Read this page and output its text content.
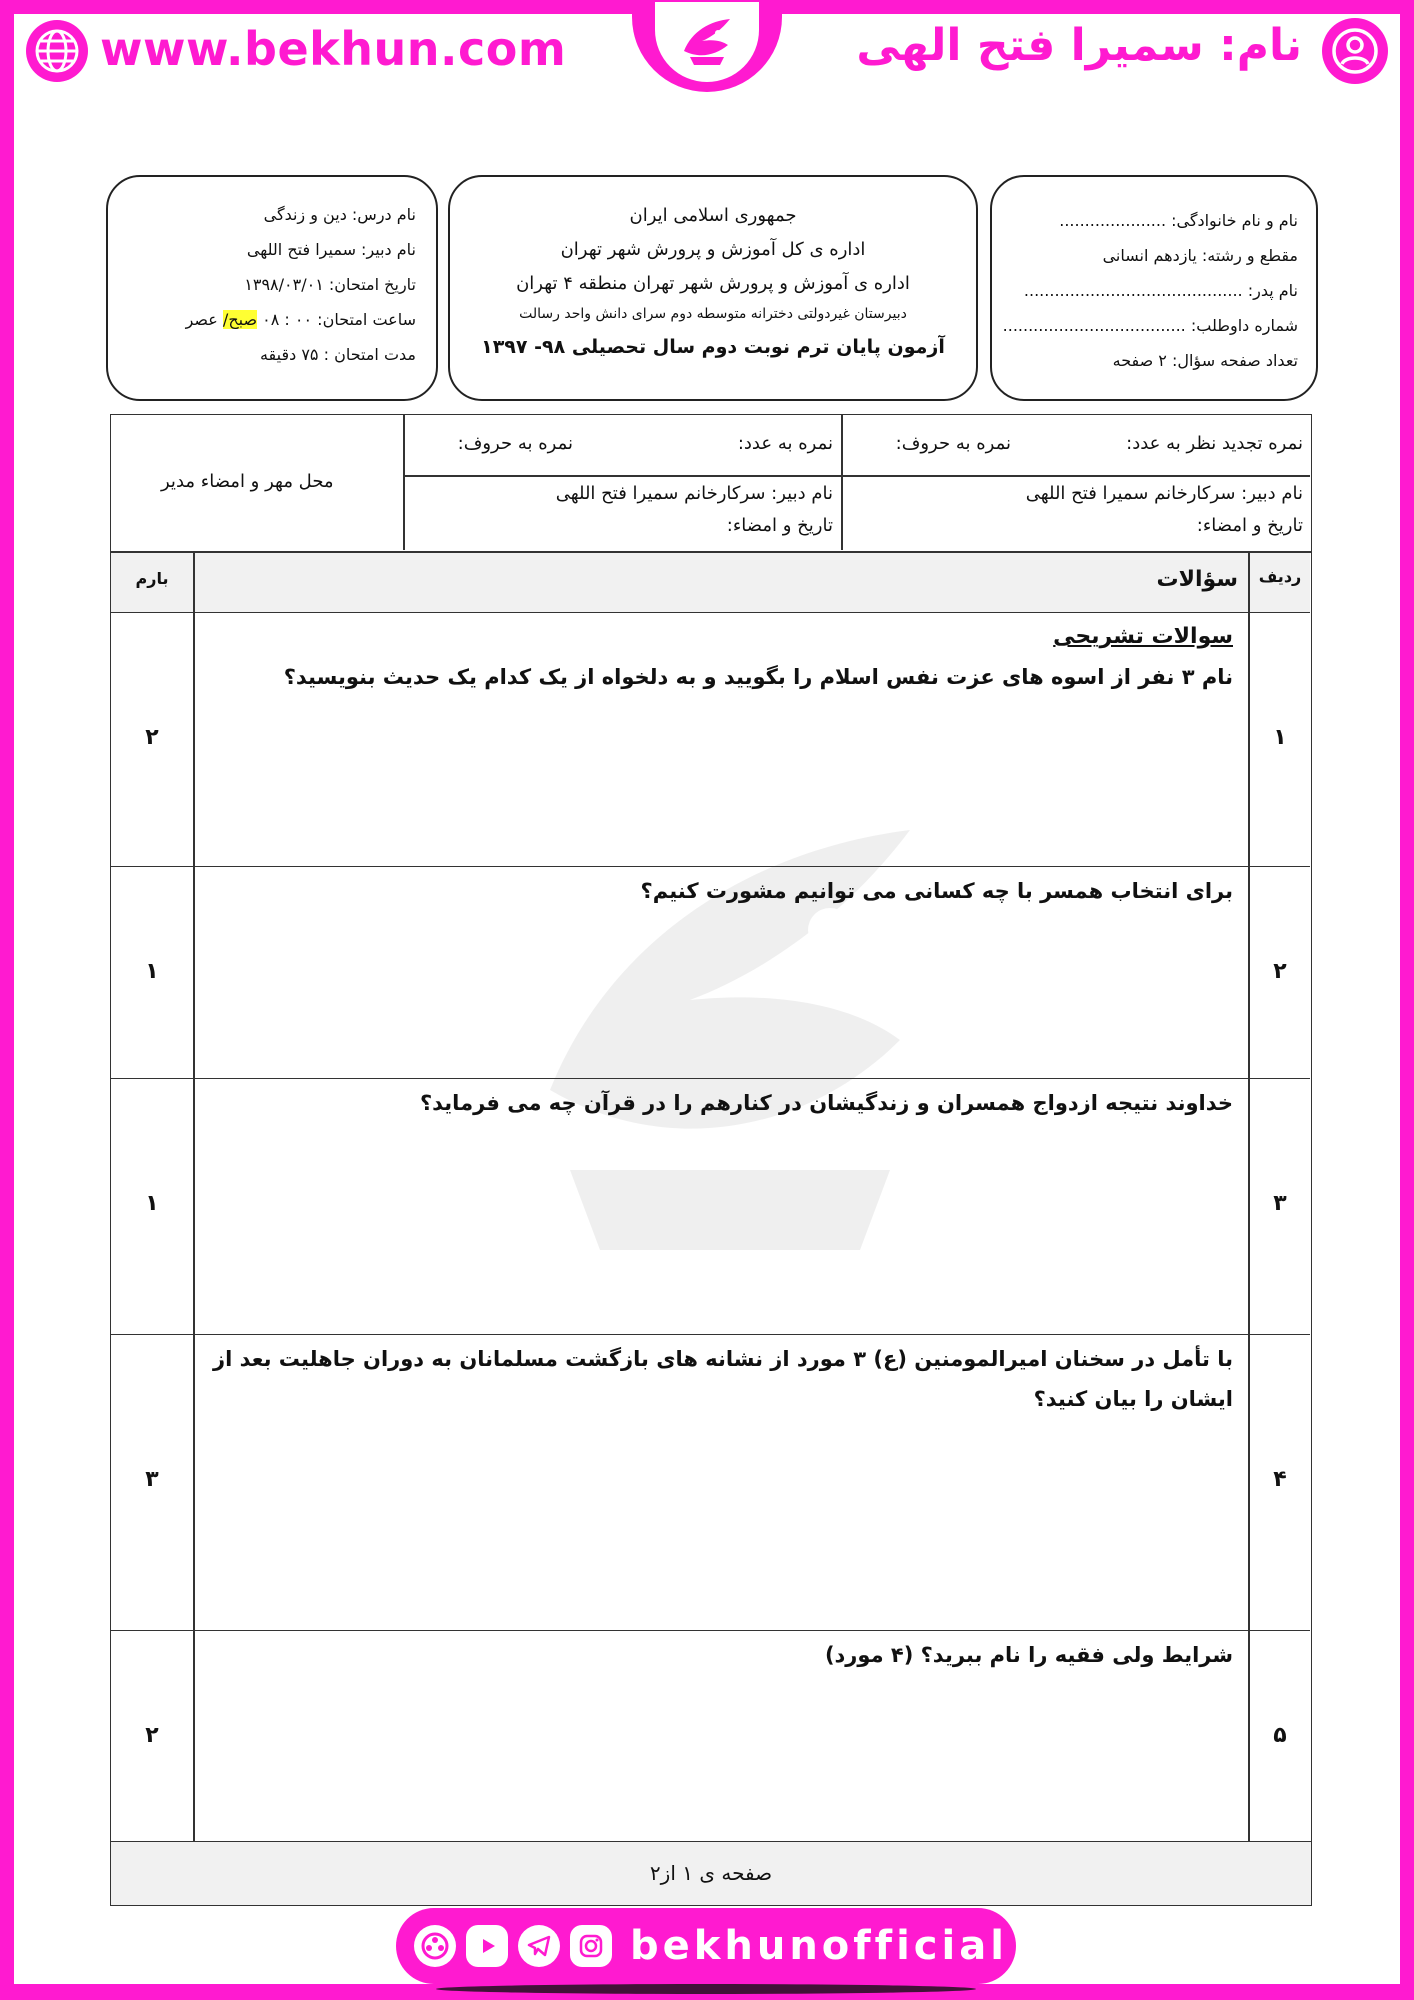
www.bekhun.com	نام: سمیرا فتح الهی
نام و نام خانوادگی: .....................
مقطع و رشته: یازدهم انسانی
نام پدر: ...........................................
شماره داوطلب: ....................................
تعداد صفحه سؤال: ۲ صفحه
جمهوری اسلامی ایران
اداره ی کل آموزش و پرورش شهر تهران
اداره ی آموزش و پرورش شهر تهران منطقه ۴ تهران
دبیرستان غیردولتی دخترانه متوسطه دوم سرای دانش واحد رسالت
آزمون پایان ترم نوبت دوم سال تحصیلی ۹۸- ۱۳۹۷
نام درس: دین و زندگی
نام دبیر: سمیرا فتح اللهی
تاریخ امتحان: ۱۳۹۸/۰۳/۰۱
ساعت امتحان: ۰۰ : ۰۸ صبح/ عصر
مدت امتحان : ۷۵ دقیقه
نمره تجدید نظر به عدد:
نمره به حروف:
نمره به عدد:
نمره به حروف:
نام دبیر: سرکارخانم سمیرا فتح اللهی
تاریخ و امضاء:
نام دبیر: سرکارخانم سمیرا فتح اللهی
تاریخ و امضاء:
محل مهر و امضاء مدیر
ردیف
سؤالات
بارم
۱
سوالات تشریحی
نام ۳ نفر از اسوه های عزت نفس اسلام را بگویید و به دلخواه از یک کدام یک حدیث بنویسید؟
۲
۲
برای انتخاب همسر با چه کسانی می توانیم مشورت کنیم؟
۱
۳
خداوند نتیجه ازدواج همسران و زندگیشان در کنارهم را در قرآن چه می فرماید؟
۱
۴
با تأمل در سخنان امیرالمومنین (ع) ۳ مورد از نشانه های بازگشت مسلمانان به دوران جاهلیت بعد از ایشان را بیان کنید؟
۳
۵
شرایط ولی فقیه را نام ببرید؟ (۴ مورد)
۲
صفحه ی ۱ از۲
bekhunofficial
